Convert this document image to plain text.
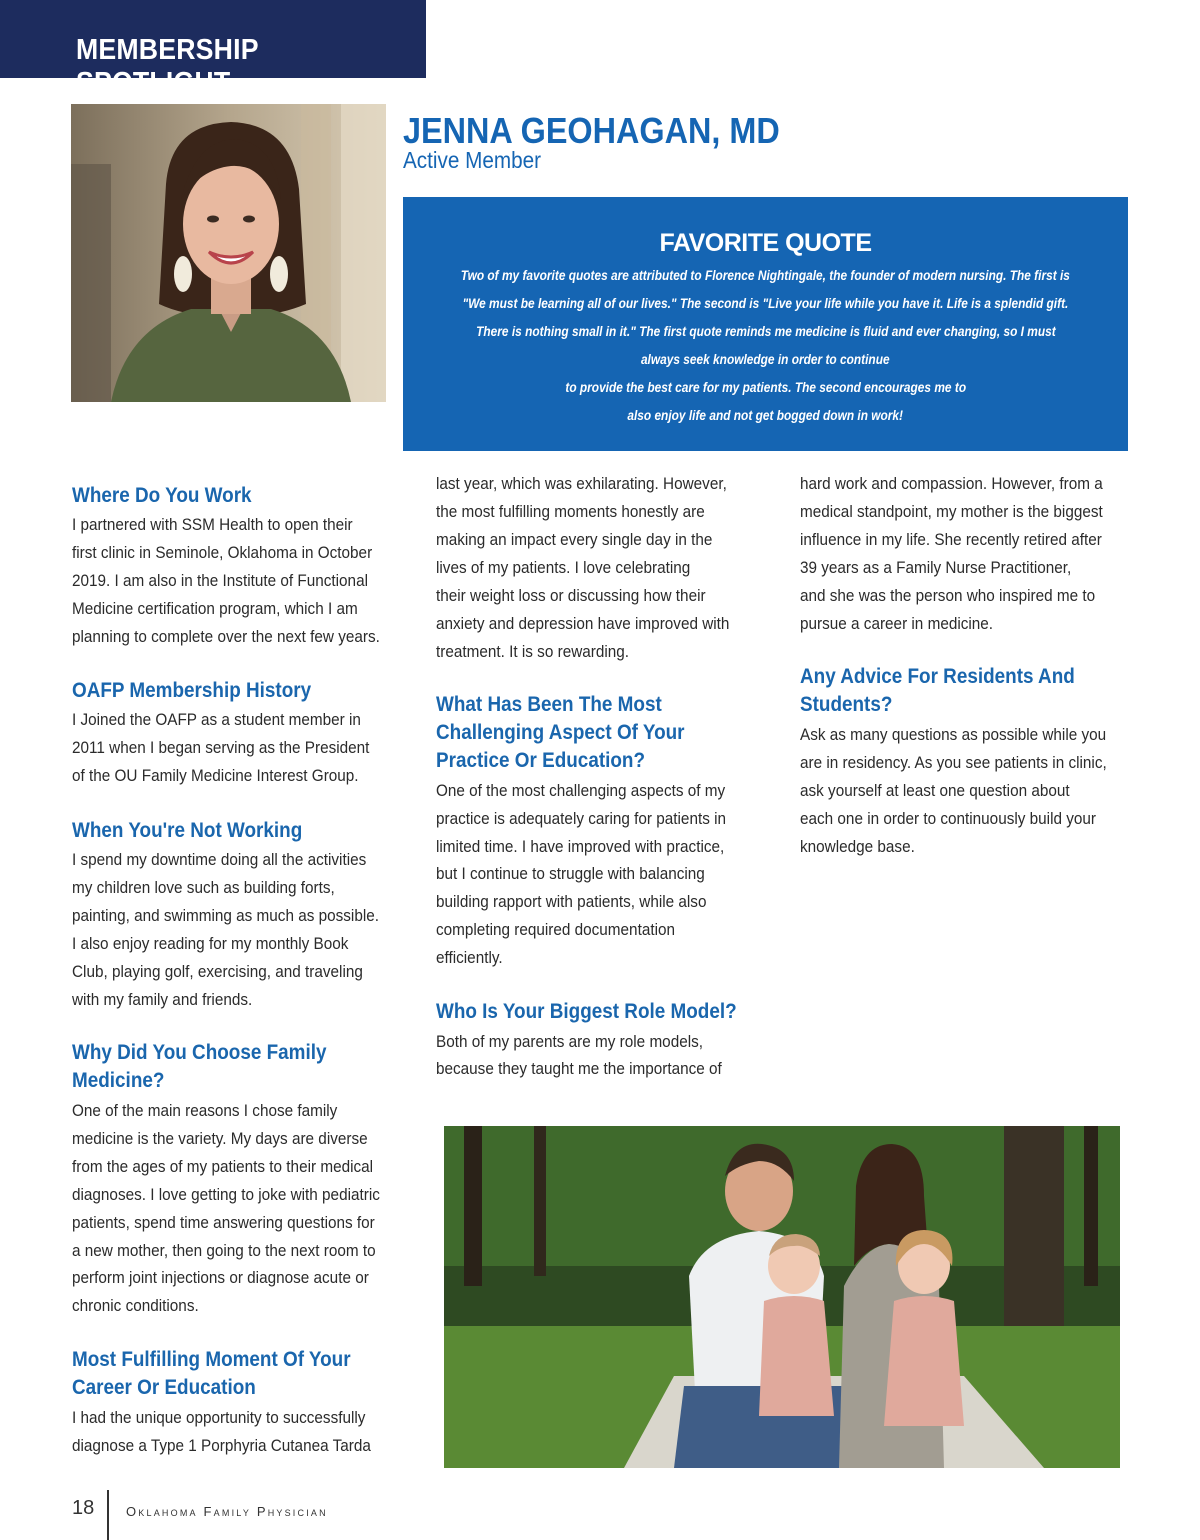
MEMBERSHIP SPOTLIGHT
JENNA GEOHAGAN, MD
Active Member
FAVORITE QUOTE
Two of my favorite quotes are attributed to Florence Nightingale, the founder of modern nursing. The first is
"We must be learning all of our lives." The second is "Live your life while you have it. Life is a splendid gift.
There is nothing small in it." The first quote reminds me medicine is fluid and ever changing, so I must
always seek knowledge in order to continue
to provide the best care for my patients. The second encourages me to
also enjoy life and not get bogged down in work!
Where Do You Work
I partnered with SSM Health to open their
first clinic in Seminole, Oklahoma in October
2019. I am also in the Institute of Functional
Medicine certification program, which I am
planning to complete over the next few years.
OAFP Membership History
I Joined the OAFP as a student member in
2011 when I began serving as the President
of the OU Family Medicine Interest Group.
When You're Not Working
I spend my downtime doing all the activities
my children love such as building forts,
painting, and swimming as much as possible.
I also enjoy reading for my monthly Book
Club, playing golf, exercising, and traveling
with my family and friends.
Why Did You Choose Family
Medicine?
One of the main reasons I chose family
medicine is the variety. My days are diverse
from the ages of my patients to their medical
diagnoses. I love getting to joke with pediatric
patients, spend time answering questions for
a new mother, then going to the next room to
perform joint injections or diagnose acute or
chronic conditions.
Most Fulfilling Moment Of Your
Career Or Education
I had the unique opportunity to successfully
diagnose a Type 1 Porphyria Cutanea Tarda
last year, which was exhilarating. However,
the most fulfilling moments honestly are
making an impact every single day in the
lives of my patients. I love celebrating
their weight loss or discussing how their
anxiety and depression have improved with
treatment. It is so rewarding.
What Has Been The Most
Challenging Aspect Of Your
Practice Or Education?
One of the most challenging aspects of my
practice is adequately caring for patients in
limited time. I have improved with practice,
but I continue to struggle with balancing
building rapport with patients, while also
completing required documentation
efficiently.
Who Is Your Biggest Role Model?
Both of my parents are my role models,
because they taught me the importance of
hard work and compassion. However, from a
medical standpoint, my mother is the biggest
influence in my life. She recently retired after
39 years as a Family Nurse Practitioner,
and she was the person who inspired me to
pursue a career in medicine.
Any Advice For Residents And
Students?
Ask as many questions as possible while you
are in residency. As you see patients in clinic,
ask yourself at least one question about
each one in order to continuously build your
knowledge base.
18 Oklahoma Family Physician
